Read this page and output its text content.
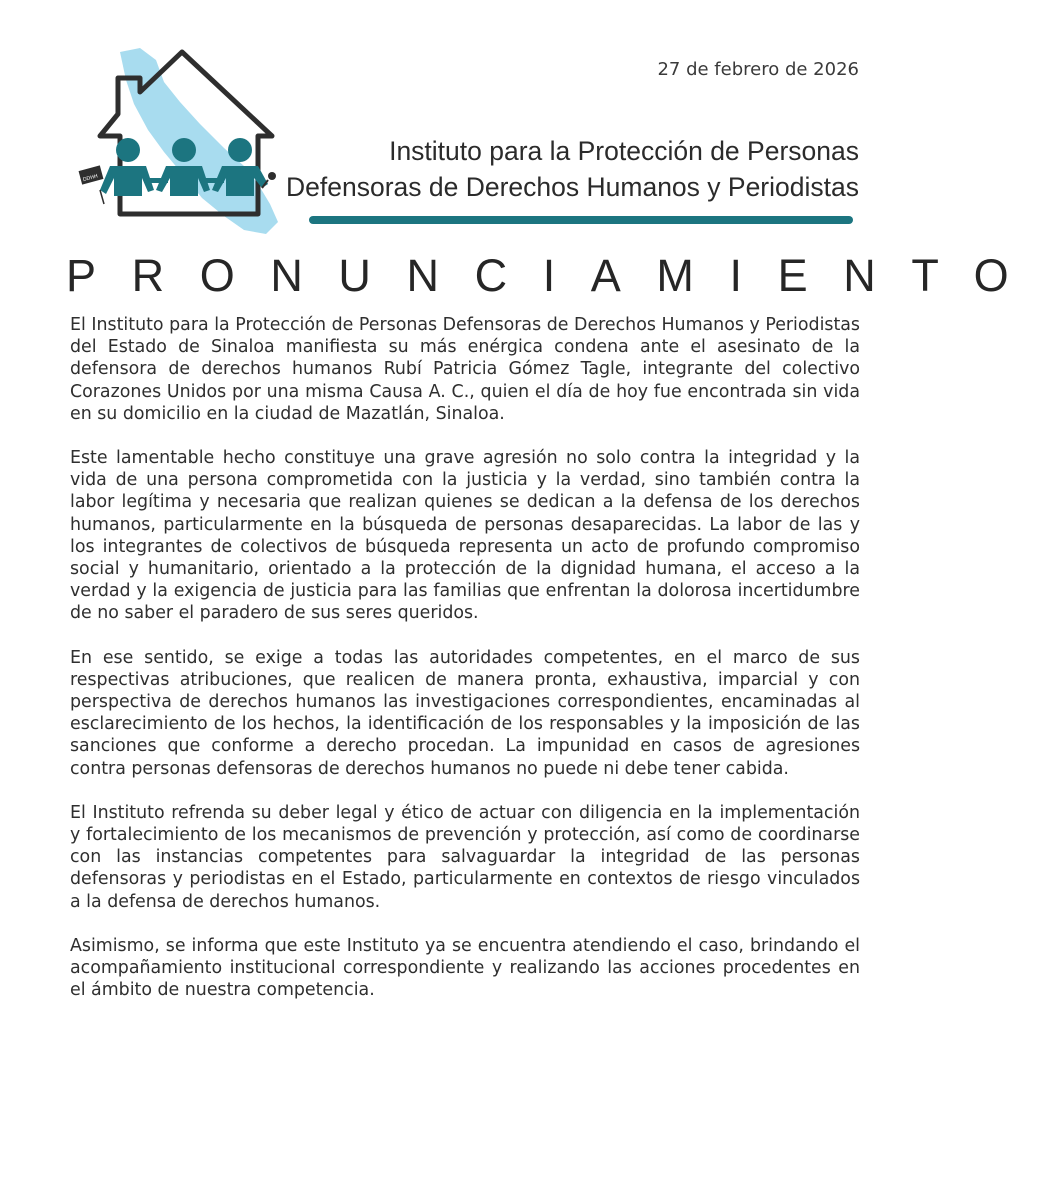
DDHH
27 de febrero de 2026
Instituto para la Protección de Personas
Defensoras de Derechos Humanos y Periodistas
PRONUNCIAMIENTO

El Instituto para la Protección de Personas Defensoras de Derechos Humanos y Periodistas del Estado de Sinaloa manifiesta su más enérgica condena ante el asesinato de la defensora de derechos humanos Rubí Patricia Gómez Tagle, integrante del colectivo Corazones Unidos por una misma Causa A. C., quien el día de hoy fue encontrada sin vida en su domicilio en la ciudad de Mazatlán, Sinaloa.

Este lamentable hecho constituye una grave agresión no solo contra la integridad y la vida de una persona comprometida con la justicia y la verdad, sino también contra la labor legítima y necesaria que realizan quienes se dedican a la defensa de los derechos humanos, particularmente en la búsqueda de personas desaparecidas. La labor de las y los integrantes de colectivos de búsqueda representa un acto de profundo compromiso social y humanitario, orientado a la protección de la dignidad humana, el acceso a la verdad y la exigencia de justicia para las familias que enfrentan la dolorosa incertidumbre de no saber el paradero de sus seres queridos.

En ese sentido, se exige a todas las autoridades competentes, en el marco de sus respectivas atribuciones, que realicen de manera pronta, exhaustiva, imparcial y con perspectiva de derechos humanos las investigaciones correspondientes, encaminadas al esclarecimiento de los hechos, la identificación de los responsables y la imposición de las sanciones que conforme a derecho procedan. La impunidad en casos de agresiones contra personas defensoras de derechos humanos no puede ni debe tener cabida.

El Instituto refrenda su deber legal y ético de actuar con diligencia en la implementación y fortalecimiento de los mecanismos de prevención y protección, así como de coordinarse con las instancias competentes para salvaguardar la integridad de las personas defensoras y periodistas en el Estado, particularmente en contextos de riesgo vinculados a la defensa de derechos humanos.

Asimismo, se informa que este Instituto ya se encuentra atendiendo el caso, brindando el acompañamiento institucional correspondiente y realizando las acciones procedentes en el ámbito de nuestra competencia.
